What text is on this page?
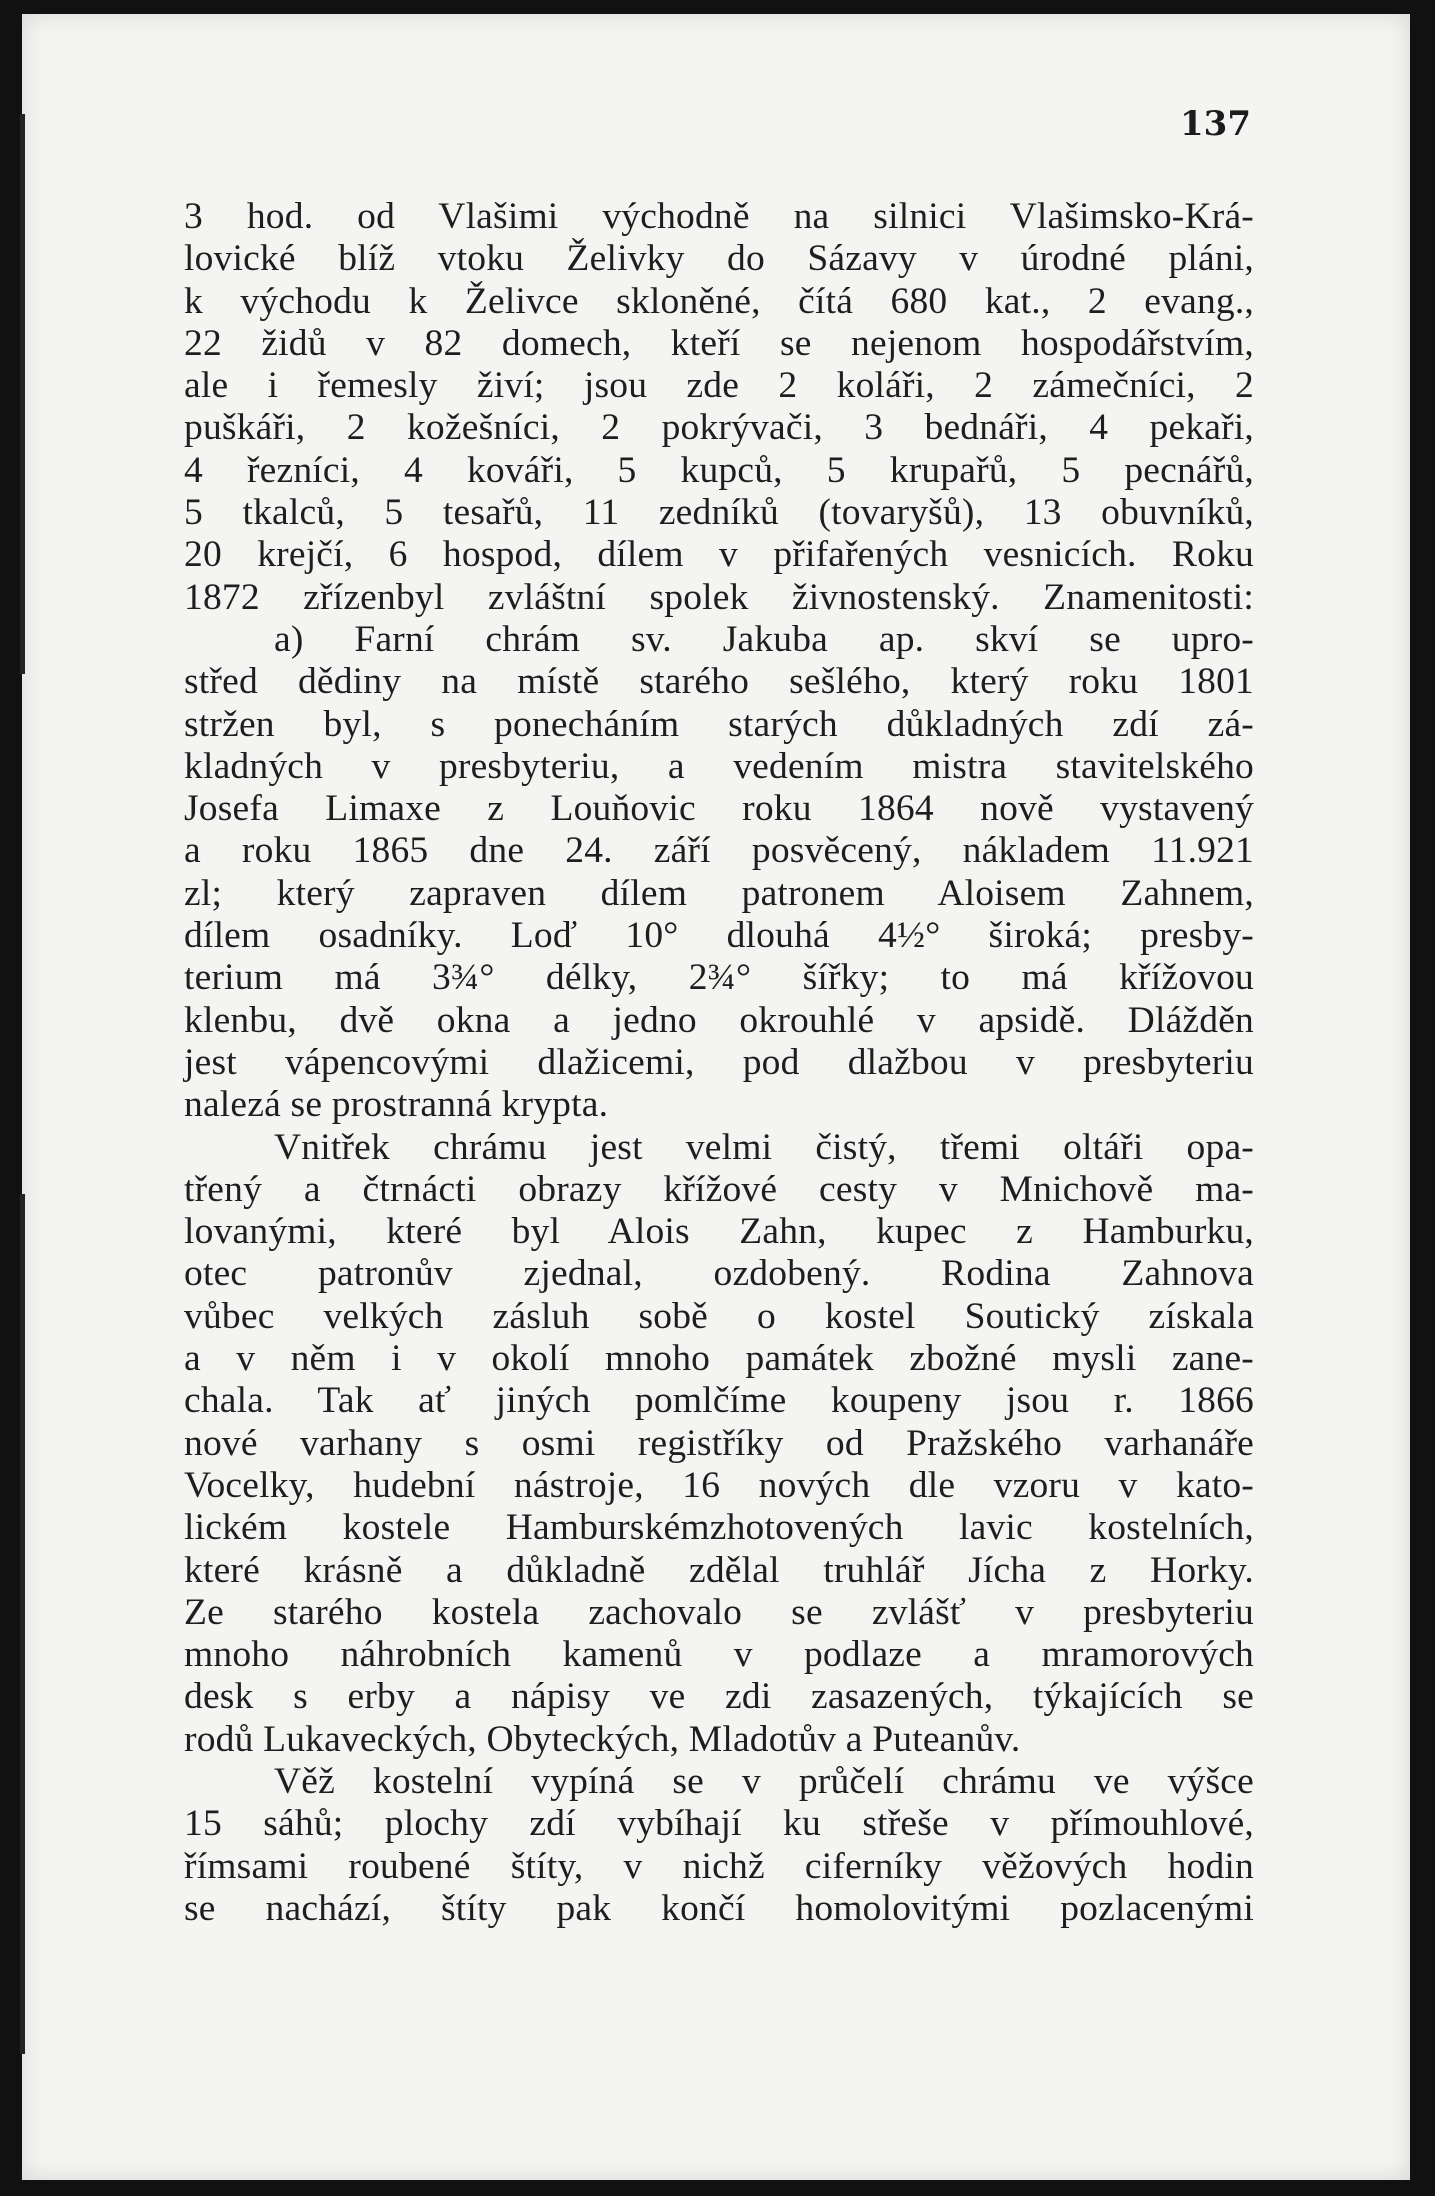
137
3 hod. od Vlašimi východně na silnici Vlašimsko-Krá-
lovické blíž vtoku Želivky do Sázavy v úrodné pláni,
k východu k Želivce skloněné, čítá 680 kat., 2 evang.,
22 židů v 82 domech, kteří se nejenom hospodářstvím,
ale i řemesly živí; jsou zde 2 koláři, 2 zámečníci, 2
puškáři, 2 kožešníci, 2 pokrývači, 3 bednáři, 4 pekaři,
4 řezníci, 4 kováři, 5 kupců, 5 krupařů, 5 pecnářů,
5 tkalců, 5 tesařů, 11 zedníků (tovaryšů), 13 obuvníků,
20 krejčí, 6 hospod, dílem v přifařených vesnicích. Roku
1872 zřízenbyl zvláštní spolek živnostenský. Znamenitosti:
a) Farní chrám sv. Jakuba ap. skví se upro-
střed dědiny na místě starého sešlého, který roku 1801
stržen byl, s ponecháním starých důkladných zdí zá-
kladných v presbyteriu, a vedením mistra stavitelského
Josefa Limaxe z Louňovic roku 1864 nově vystavený
a roku 1865 dne 24. září posvěcený, nákladem 11.921
zl; který zapraven dílem patronem Aloisem Zahnem,
dílem osadníky. Loď 10° dlouhá 4½° široká; presby-
terium má 3¾° délky, 2¾° šířky; to má křížovou
klenbu, dvě okna a jedno okrouhlé v apsidě. Dlážděn
jest vápencovými dlažicemi, pod dlažbou v presbyteriu
nalezá se prostranná krypta.
Vnitřek chrámu jest velmi čistý, třemi oltáři opa-
třený a čtrnácti obrazy křížové cesty v Mnichově ma-
lovanými, které byl Alois Zahn, kupec z Hamburku,
otec patronův zjednal, ozdobený. Rodina Zahnova
vůbec velkých zásluh sobě o kostel Soutický získala
a v něm i v okolí mnoho památek zbožné mysli zane-
chala. Tak ať jiných pomlčíme koupeny jsou r. 1866
nové varhany s osmi registříky od Pražského varhanáře
Vocelky, hudební nástroje, 16 nových dle vzoru v kato-
lickém kostele Hamburskémzhotovených lavic kostelních,
které krásně a důkladně zdělal truhlář Jícha z Horky.
Ze starého kostela zachovalo se zvlášť v presbyteriu
mnoho náhrobních kamenů v podlaze a mramorových
desk s erby a nápisy ve zdi zasazených, týkajících se
rodů Lukaveckých, Obyteckých, Mladotův a Puteanův.
Věž kostelní vypíná se v průčelí chrámu ve výšce
15 sáhů; plochy zdí vybíhají ku střeše v přímouhlové,
římsami roubené štíty, v nichž ciferníky věžových hodin
se nachází, štíty pak končí homolovitými pozlacenými
